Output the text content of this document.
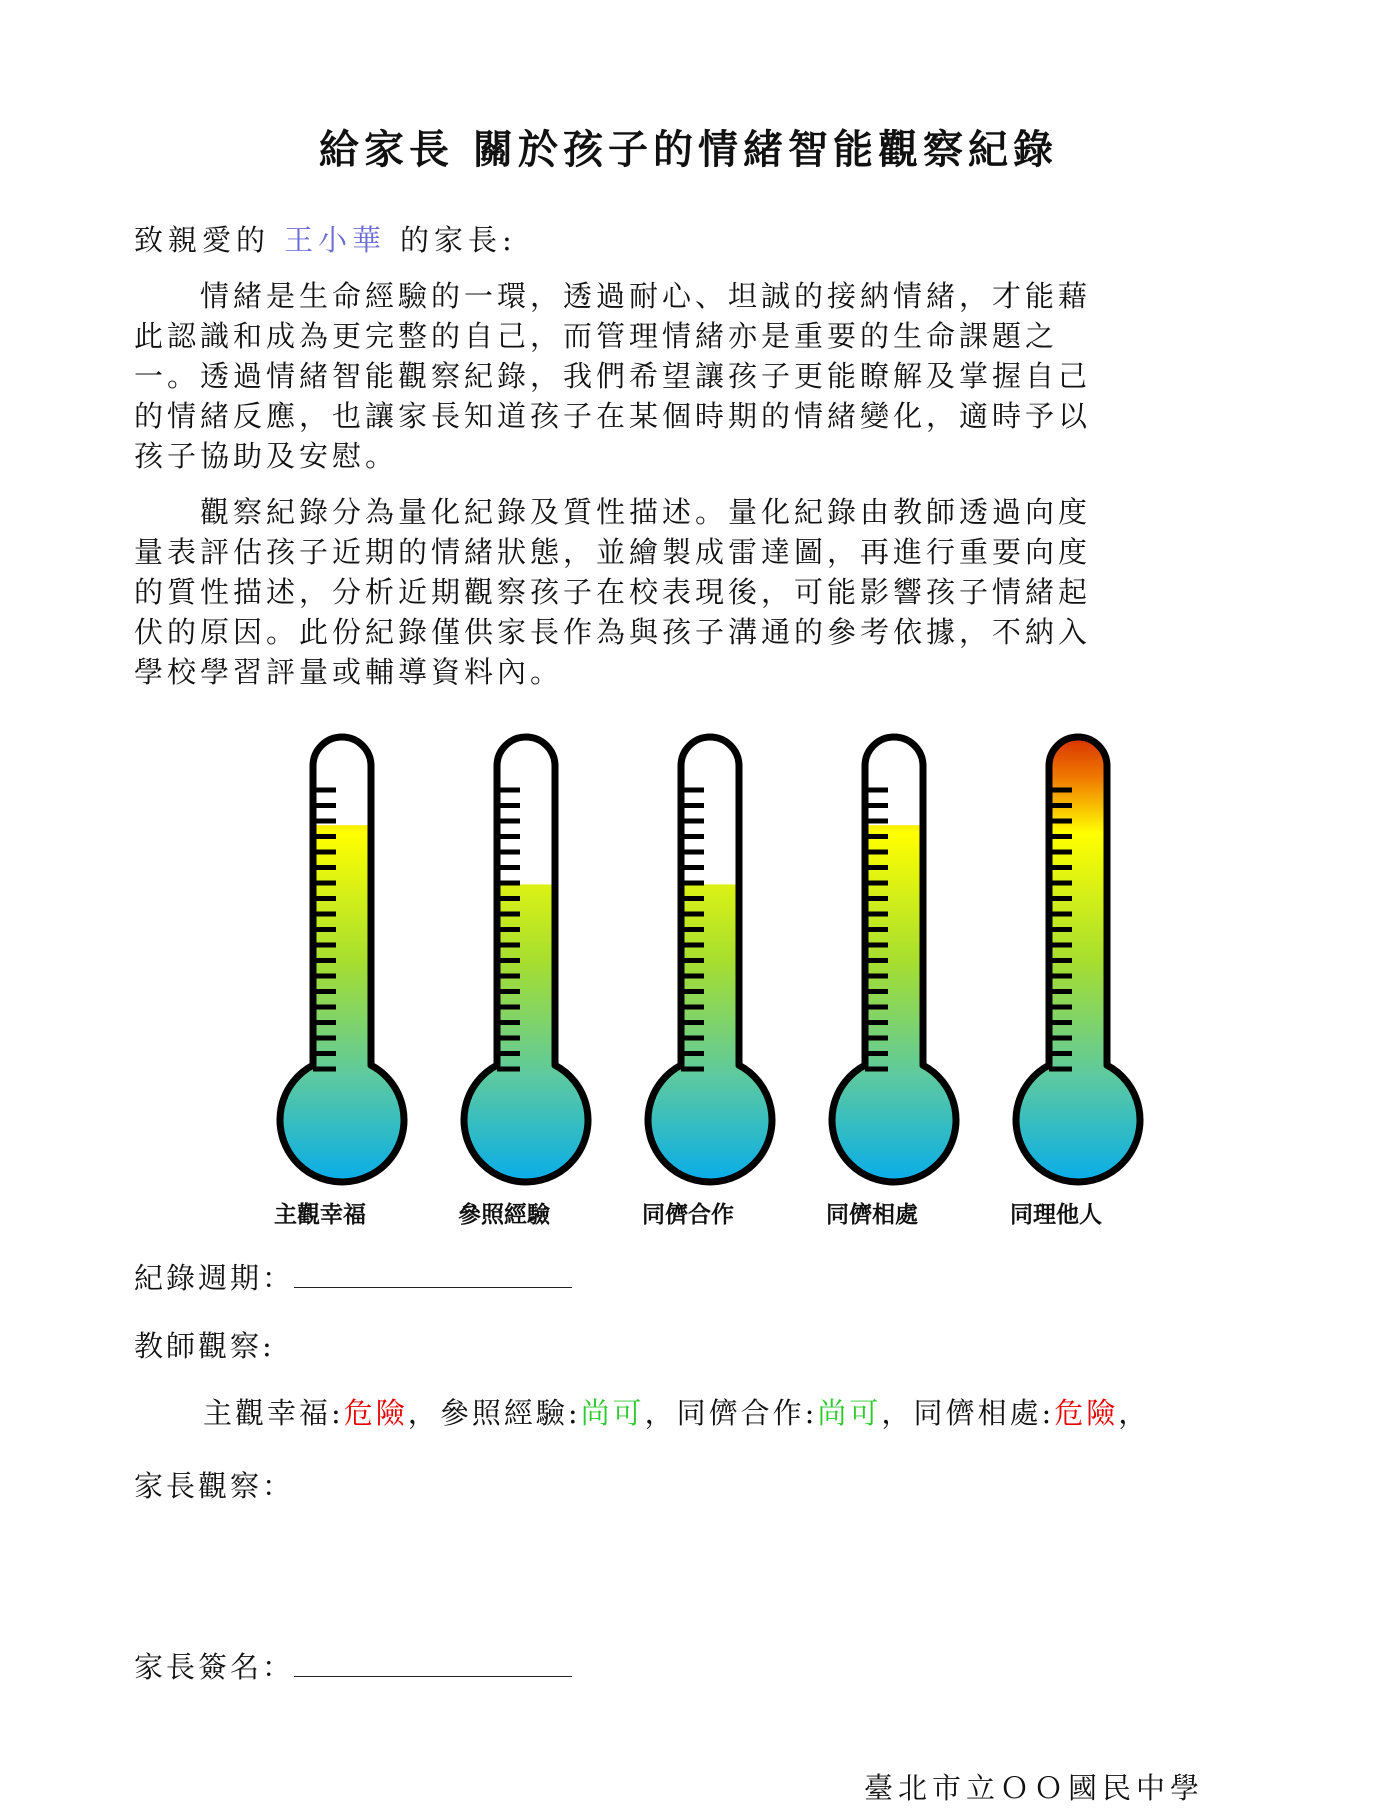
給家長 關於孩子的情緒智能觀察紀錄
致親愛的 王小華 的家長:
　　情緒是生命經驗的一環，透過耐心、坦誠的接納情緒，才能藉
此認識和成為更完整的自己，而管理情緒亦是重要的生命課題之
一。透過情緒智能觀察紀錄，我們希望讓孩子更能瞭解及掌握自己
的情緒反應，也讓家長知道孩子在某個時期的情緒變化，適時予以
孩子協助及安慰。
　　觀察紀錄分為量化紀錄及質性描述。量化紀錄由教師透過向度
量表評估孩子近期的情緒狀態，並繪製成雷達圖，再進行重要向度
的質性描述，分析近期觀察孩子在校表現後，可能影響孩子情緒起
伏的原因。此份紀錄僅供家長作為與孩子溝通的參考依據，不納入
學校學習評量或輔導資料內。
主觀幸福	參照經驗	同儕合作	同儕相處	同理他人
紀錄週期：
教師觀察:
主觀幸福:危險，參照經驗:尚可，同儕合作:尚可，同儕相處:危險，
家長觀察：
家長簽名：
臺北市立ＯＯ國民中學
